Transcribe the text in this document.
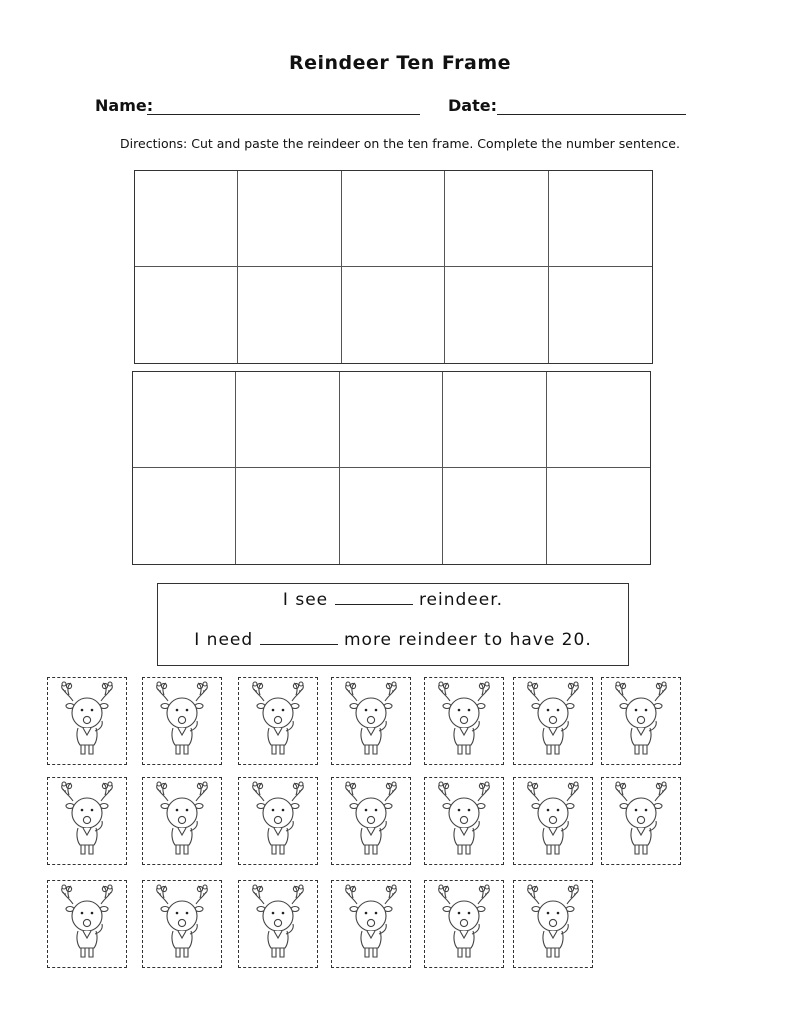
Reindeer Ten Frame
Name:	Date:
Directions: Cut and paste the reindeer on the ten frame. Complete the number sentence.
I see	reindeer.
I need	more reindeer to have 20.
